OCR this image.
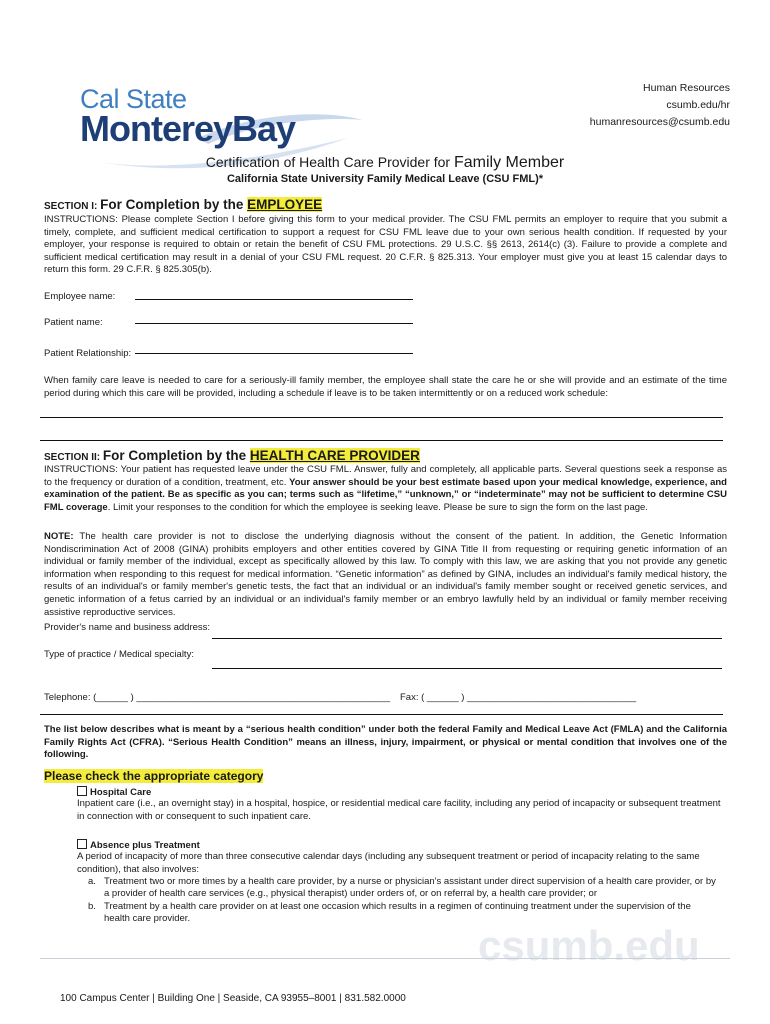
Cal State
MontereyBay
Human Resources
csumb.edu/hr
humanresources@csumb.edu
Certification of Health Care Provider for Family Member
California State University Family Medical Leave (CSU FML)*
SECTION I: For Completion by the EMPLOYEE
INSTRUCTIONS: Please complete Section I before giving this form to your medical provider. The CSU FML permits an employer to require that you submit a timely, complete, and sufficient medical certification to support a request for CSU FML leave due to your own serious health condition. If requested by your employer, your response is required to obtain or retain the benefit of CSU FML protections. 29 U.S.C. §§ 2613, 2614(c) (3). Failure to provide a complete and sufficient medical certification may result in a denial of your CSU FML request. 20 C.F.R. § 825.313. Your employer must give you at least 15 calendar days to return this form. 29 C.F.R. § 825.305(b).
Employee name:
Patient name:
Patient Relationship:
When family care leave is needed to care for a seriously-ill family member, the employee shall state the care he or she will provide and an estimate of the time period during which this care will be provided, including a schedule if leave is to be taken intermittently or on a reduced work schedule:
SECTION II: For Completion by the HEALTH CARE PROVIDER
INSTRUCTIONS: Your patient has requested leave under the CSU FML. Answer, fully and completely, all applicable parts. Several questions seek a response as to the frequency or duration of a condition, treatment, etc. Your answer should be your best estimate based upon your medical knowledge, experience, and examination of the patient. Be as specific as you can; terms such as “lifetime,” “unknown,” or “indeterminate” may not be sufficient to determine CSU FML coverage. Limit your responses to the condition for which the employee is seeking leave. Please be sure to sign the form on the last page.
NOTE: The health care provider is not to disclose the underlying diagnosis without the consent of the patient. In addition, the Genetic Information Nondiscrimination Act of 2008 (GINA) prohibits employers and other entities covered by GINA Title II from requesting or requiring genetic information of an individual or family member of the individual, except as specifically allowed by this law. To comply with this law, we are asking that you not provide any genetic information when responding to this request for medical information. “Genetic information” as defined by GINA, includes an individual's family medical history, the results of an individual's or family member's genetic tests, the fact that an individual or an individual's family member sought or received genetic services, and genetic information of a fetus carried by an individual or an individual's family member or an embryo lawfully held by an individual or family member receiving assistive reproductive services.
Provider's name and business address:
Type of practice / Medical specialty:
Telephone: (______ ) ________________________________________________ Fax: ( ______ ) ________________________________
The list below describes what is meant by a “serious health condition” under both the federal Family and Medical Leave Act (FMLA) and the California Family Rights Act (CFRA). “Serious Health Condition” means an illness, injury, impairment, or physical or mental condition that involves one of the following.
Please check the appropriate category
Hospital Care
Inpatient care (i.e., an overnight stay) in a hospital, hospice, or residential medical care facility, including any period of incapacity or subsequent treatment in connection with or consequent to such inpatient care.
Absence plus Treatment
A period of incapacity of more than three consecutive calendar days (including any subsequent treatment or period of incapacity relating to the same condition), that also involves:
a. Treatment two or more times by a health care provider, by a nurse or physician's assistant under direct supervision of a health care provider, or by a provider of health care services (e.g., physical therapist) under orders of, or on referral by, a health care provider; or
b. Treatment by a health care provider on at least one occasion which results in a regimen of continuing treatment under the supervision of the health care provider.
csumb.edu
100 Campus Center | Building One | Seaside, CA 93955–8001 | 831.582.0000
